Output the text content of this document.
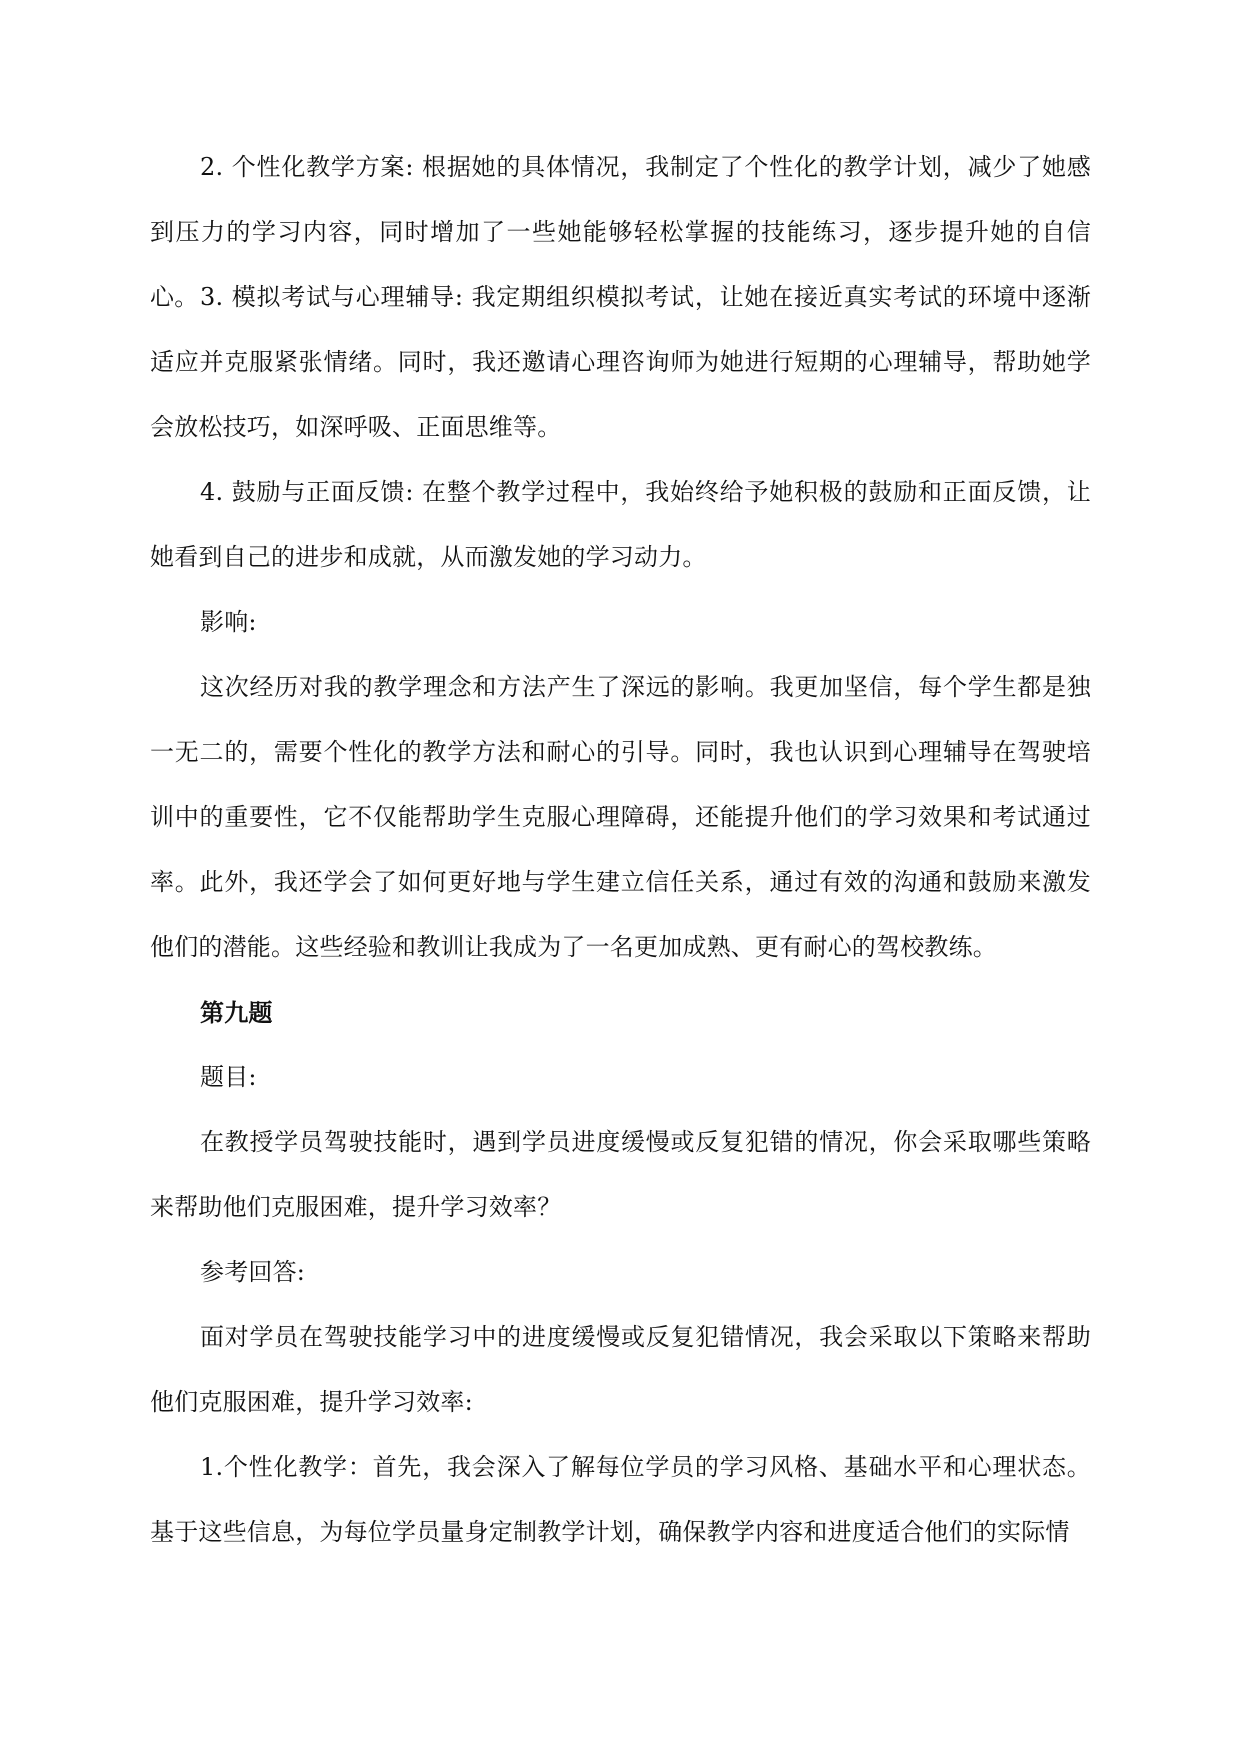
2. 个性化教学方案: 根据她的具体情况，我制定了个性化的教学计划，减少了她感到压力的学习内容，同时增加了一些她能够轻松掌握的技能练习，逐步提升她的自信心。 3. 模拟考试与心理辅导: 我定期组织模拟考试，让她在接近真实考试的环境中逐渐适应并克服紧张情绪。同时，我还邀请心理咨询师为她进行短期的心理辅导，帮助她学会放松技巧，如深呼吸、正面思维等。

4. 鼓励与正面反馈: 在整个教学过程中，我始终给予她积极的鼓励和正面反馈，让她看到自己的进步和成就，从而激发她的学习动力。

影响:

这次经历对我的教学理念和方法产生了深远的影响。我更加坚信，每个学生都是独一无二的，需要个性化的教学方法和耐心的引导。同时，我也认识到心理辅导在驾驶培训中的重要性，它不仅能帮助学生克服心理障碍，还能提升他们的学习效果和考试通过率。此外，我还学会了如何更好地与学生建立信任关系，通过有效的沟通和鼓励来激发他们的潜能。这些经验和教训让我成为了一名更加成熟、更有耐心的驾校教练。

第九题

题目:

在教授学员驾驶技能时，遇到学员进度缓慢或反复犯错的情况，你会采取哪些策略来帮助他们克服困难，提升学习效率？

参考回答:

面对学员在驾驶技能学习中的进度缓慢或反复犯错情况，我会采取以下策略来帮助他们克服困难，提升学习效率:

1.个性化教学：首先，我会深入了解每位学员的学习风格、基础水平和心理状态。基于这些信息，为每位学员量身定制教学计划，确保教学内容和进度适合他们的实际情
